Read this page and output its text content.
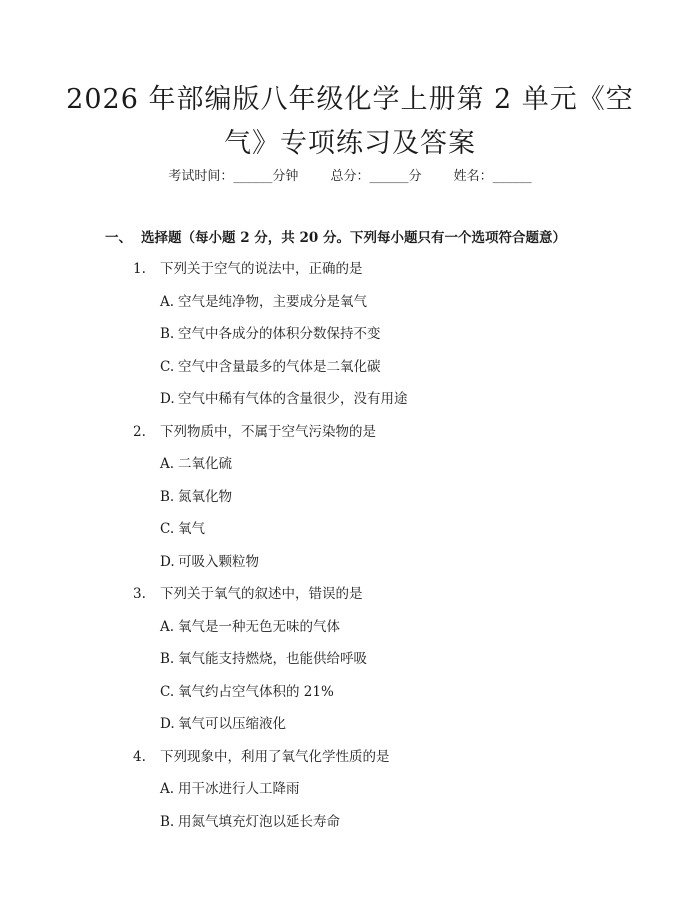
2026 年部编版八年级化学上册第 2 单元《空
气》专项练习及答案
考试时间：______分钟 总分：______分 姓名：______
一、 选择题（每小题 2 分，共 20 分。下列每小题只有一个选项符合题意）
1. 下列关于空气的说法中，正确的是
A. 空气是纯净物，主要成分是氧气
B. 空气中各成分的体积分数保持不变
C. 空气中含量最多的气体是二氧化碳
D. 空气中稀有气体的含量很少，没有用途
2. 下列物质中，不属于空气污染物的是
A. 二氧化硫
B. 氮氧化物
C. 氧气
D. 可吸入颗粒物
3. 下列关于氧气的叙述中，错误的是
A. 氧气是一种无色无味的气体
B. 氧气能支持燃烧，也能供给呼吸
C. 氧气约占空气体积的 21%
D. 氧气可以压缩液化
4. 下列现象中，利用了氧气化学性质的是
A. 用干冰进行人工降雨
B. 用氮气填充灯泡以延长寿命
